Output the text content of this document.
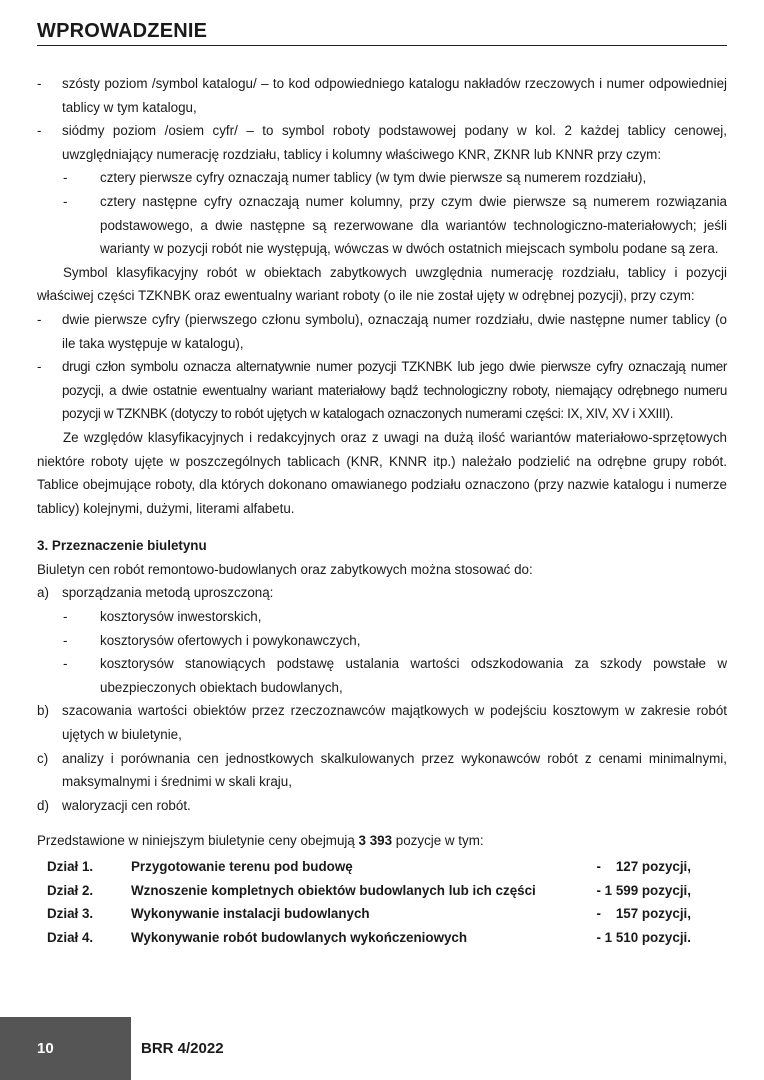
WPROWADZENIE

- szósty poziom /symbol katalogu/ – to kod odpowiedniego katalogu nakładów rzeczowych i numer odpowiedniej tablicy w tym katalogu,

- siódmy poziom /osiem cyfr/ – to symbol roboty podstawowej podany w kol. 2 każdej tablicy cenowej, uwzględniający numerację rozdziału, tablicy i kolumny właściwego KNR, ZKNR lub KNNR przy czym:

- cztery pierwsze cyfry oznaczają numer tablicy (w tym dwie pierwsze są numerem rozdziału),

- cztery następne cyfry oznaczają numer kolumny, przy czym dwie pierwsze są numerem rozwiązania podstawowego, a dwie następne są rezerwowane dla wariantów technologiczno-materiałowych; jeśli warianty w pozycji robót nie występują, wówczas w dwóch ostatnich miejscach symbolu podane są zera.

Symbol klasyfikacyjny robót w obiektach zabytkowych uwzględnia numerację rozdziału, tablicy i pozycji właściwej części TZKNBK oraz ewentualny wariant roboty (o ile nie został ujęty w odrębnej pozycji), przy czym:

- dwie pierwsze cyfry (pierwszego członu symbolu), oznaczają numer rozdziału, dwie następne numer tablicy (o ile taka występuje w katalogu),

- drugi człon symbolu oznacza alternatywnie numer pozycji TZKNBK lub jego dwie pierwsze cyfry oznaczają numer pozycji, a dwie ostatnie ewentualny wariant materiałowy bądź technologiczny roboty, niemający odrębnego numeru pozycji w TZKNBK (dotyczy to robót ujętych w katalogach oznaczonych numerami części: IX, XIV, XV i XXIII).

Ze względów klasyfikacyjnych i redakcyjnych oraz z uwagi na dużą ilość wariantów materiałowo-sprzętowych niektóre roboty ujęte w poszczególnych tablicach (KNR, KNNR itp.) należało podzielić na odrębne grupy robót. Tablice obejmujące roboty, dla których dokonano omawianego podziału oznaczono (przy nazwie katalogu i numerze tablicy) kolejnymi, dużymi, literami alfabetu.

3. Przeznaczenie biuletynu

Biuletyn cen robót remontowo-budowlanych oraz zabytkowych można stosować do:

a) sporządzania metodą uproszczoną:

- kosztorysów inwestorskich,

- kosztorysów ofertowych i powykonawczych,

- kosztorysów stanowiących podstawę ustalania wartości odszkodowania za szkody powstałe w ubezpieczonych obiektach budowlanych,

b) szacowania wartości obiektów przez rzeczoznawców majątkowych w podejściu kosztowym w zakresie robót ujętych w biuletynie,

c) analizy i porównania cen jednostkowych skalkulowanych przez wykonawców robót z cenami minimalnymi, maksymalnymi i średnimi w skali kraju,

d) waloryzacji cen robót.

Przedstawione w niniejszym biuletynie ceny obejmują 3 393 pozycje w tym:

Dział 1.	Przygotowanie terenu pod budowę	-    127 pozycji,
Dział 2.	Wznoszenie kompletnych obiektów budowlanych lub ich części	- 1 599 pozycji,
Dział 3.	Wykonywanie instalacji budowlanych	-    157 pozycji,
Dział 4.	Wykonywanie robót budowlanych wykończeniowych	- 1 510 pozycji.
10	BRR 4/2022
